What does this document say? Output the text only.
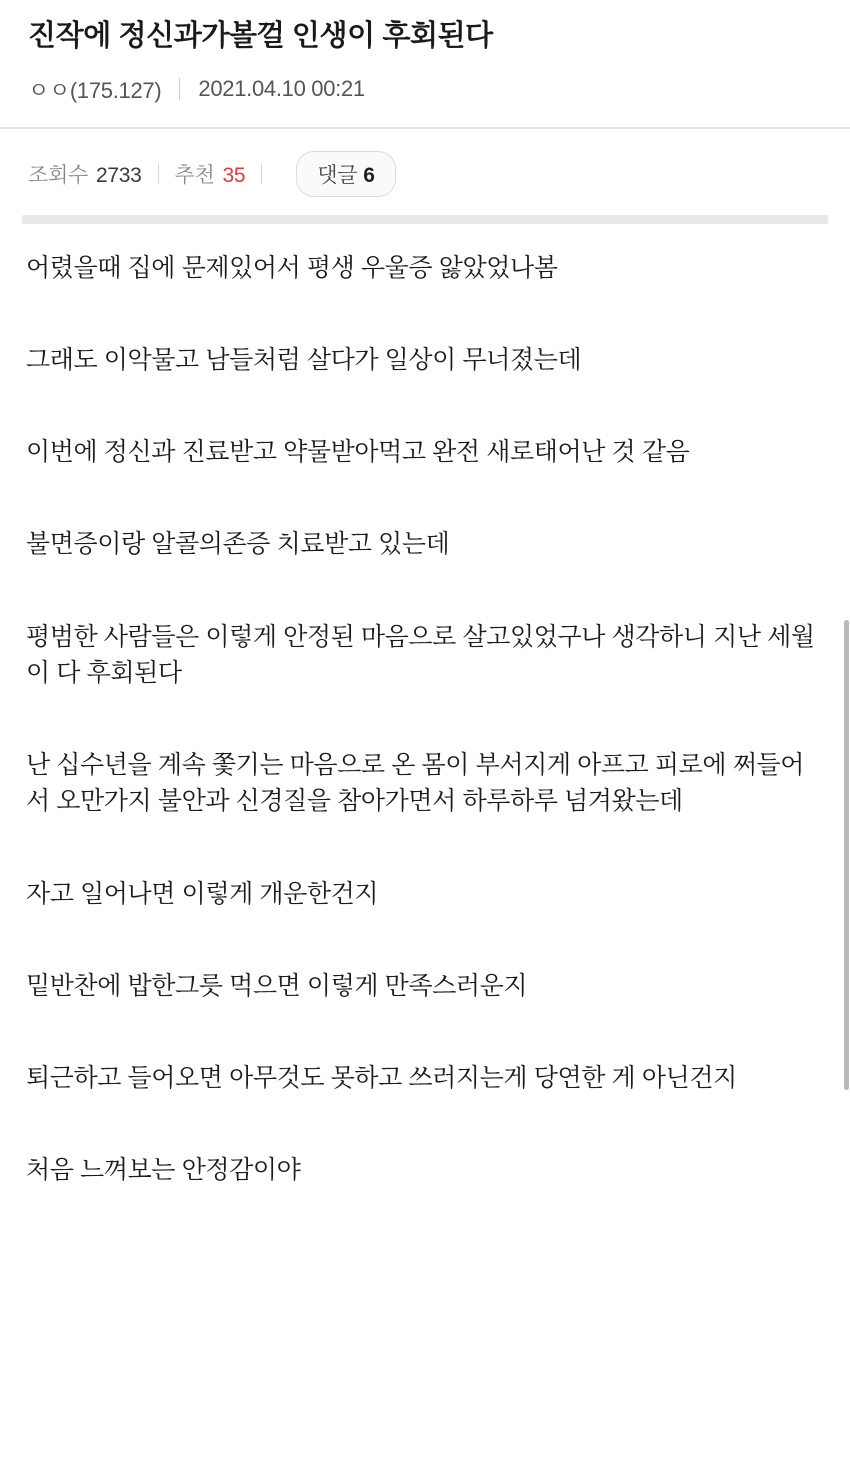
진작에 정신과가볼껄 인생이 후회된다
ㅇㅇ(175.127) 2021.04.10 00:21
조회수 2733 추천 35	댓글 6

어렸을때 집에 문제있어서 평생 우울증 앓았었나봄

그래도 이악물고 남들처럼 살다가 일상이 무너졌는데

이번에 정신과 진료받고 약물받아먹고 완전 새로태어난 것 같음

불면증이랑 알콜의존증 치료받고 있는데

평범한 사람들은 이렇게 안정된 마음으로 살고있었구나 생각하니 지난 세월이 다 후회된다

난 십수년을 계속 쫓기는 마음으로 온 몸이 부서지게 아프고 피로에 쩌들어서 오만가지 불안과 신경질을 참아가면서 하루하루 넘겨왔는데

자고 일어나면 이렇게 개운한건지

밑반찬에 밥한그릇 먹으면 이렇게 만족스러운지

퇴근하고 들어오면 아무것도 못하고 쓰러지는게 당연한 게 아닌건지

처음 느껴보는 안정감이야
